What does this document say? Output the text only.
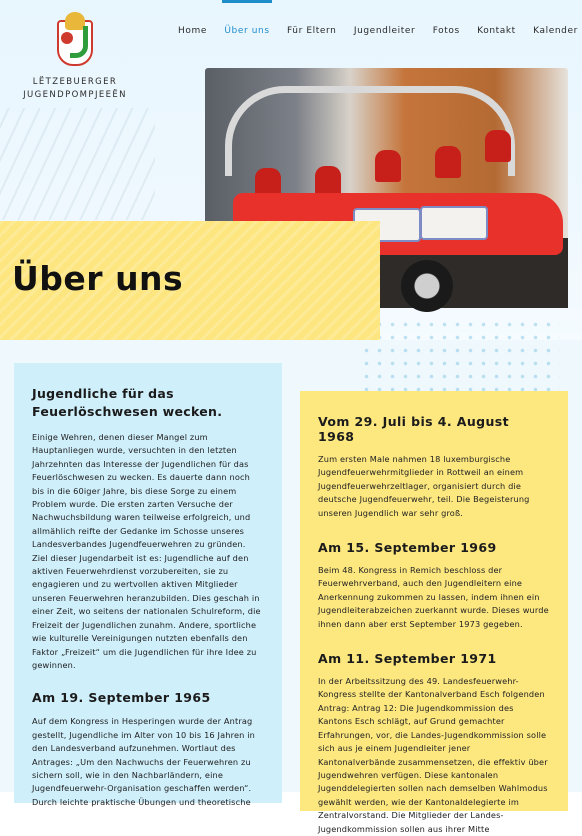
LËTZEBUERGER
JUGENDPOMPJEEËN
Home Über uns Für Eltern Jugendleiter Fotos Kontakt Kalender
Über uns
Jugendliche für das Feuerlöschwesen wecken.

Einige Wehren, denen dieser Mangel zum Hauptanliegen wurde, versuchten in den letzten Jahrzehnten das Interesse der Jugendlichen für das Feuerlöschwesen zu wecken. Es dauerte dann noch bis in die 60iger Jahre, bis diese Sorge zu einem Problem wurde. Die ersten zarten Versuche der Nachwuchsbildung waren teilweise erfolgreich, und allmählich reifte der Gedanke im Schosse unseres Landesverbandes Jugendfeuerwehren zu gründen. Ziel dieser Jugendarbeit ist es: Jugendliche auf den aktiven Feuerwehrdienst vorzubereiten, sie zu engagieren und zu wertvollen aktiven Mitglieder unseren Feuerwehren heranzubilden. Dies geschah in einer Zeit, wo seitens der nationalen Schulreform, die Freizeit der Jugendlichen zunahm. Andere, sportliche wie kulturelle Vereinigungen nutzten ebenfalls den Faktor „Freizeit“ um die Jugendlichen für ihre Idee zu gewinnen.

Am 19. September 1965

Auf dem Kongress in Hesperingen wurde der Antrag gestellt, Jugendliche im Alter von 10 bis 16 Jahren in den Landesverband aufzunehmen. Wortlaut des Antrages: „Um den Nachwuchs der Feuerwehren zu sichern soll, wie in den Nachbarländern, eine Jugendfeuerwehr-Organisation geschaffen werden“. Durch leichte praktische Übungen und theoretische

Vom 29. Juli bis 4. August 1968

Zum ersten Male nahmen 18 luxemburgische Jugendfeuerwehrmitglieder in Rottweil an einem Jugendfeuerwehrzeltlager, organisiert durch die deutsche Jugendfeuerwehr, teil. Die Begeisterung unseren Jugendlich war sehr groß.

Am 15. September 1969

Beim 48. Kongress in Remich beschloss der Feuerwehrverband, auch den Jugendleitern eine Anerkennung zukommen zu lassen, indem ihnen ein Jugendleiterabzeichen zuerkannt wurde. Dieses wurde ihnen dann aber erst September 1973 gegeben.

Am 11. September 1971

In der Arbeitssitzung des 49. Landesfeuerwehr-Kongress stellte der Kantonalverband Esch folgenden Antrag: Antrag 12: Die Jugendkommission des Kantons Esch schlägt, auf Grund gemachter Erfahrungen, vor, die Landes-Jugendkommission solle sich aus je einem Jugendleiter jener Kantonalverbände zusammensetzen, die effektiv über Jugendwehren verfügen. Diese kantonalen Jugenddelegierten sollen nach demselben Wahlmodus gewählt werden, wie der Kantonaldelegierte im Zentralvorstand. Die Mitglieder der Landes-Jugendkommission sollen aus ihrer Mitte
